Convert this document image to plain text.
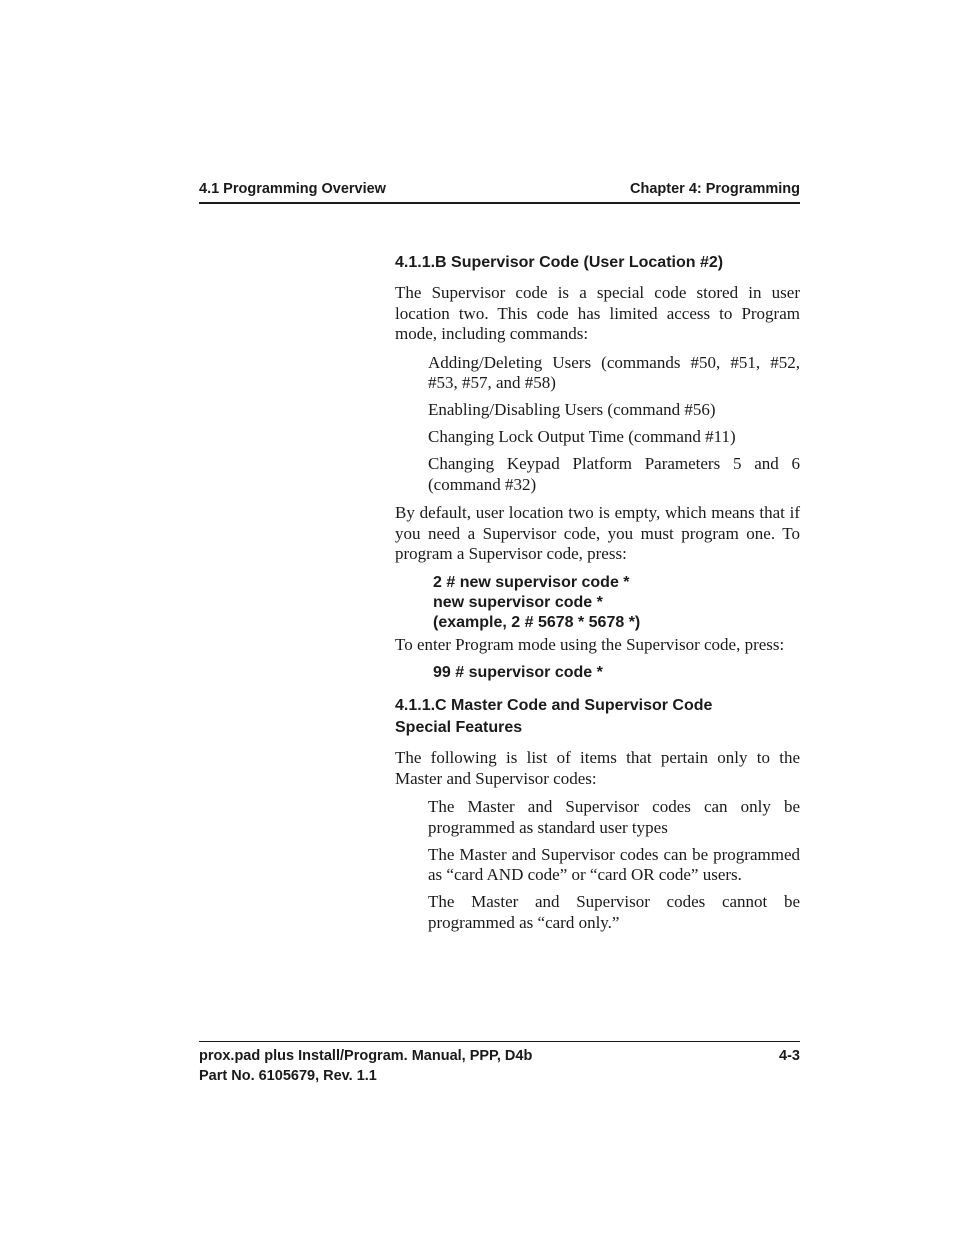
4.1 Programming Overview	Chapter 4: Programming
4.1.1.B Supervisor Code (User Location #2)

The Supervisor code is a special code stored in user location two. This code has limited access to Program mode, including commands:

Adding/Deleting Users (commands #50, #51, #52, #53, #57, and #58)
Enabling/Disabling Users (command #56)
Changing Lock Output Time (command #11)
Changing Keypad Platform Parameters 5 and 6 (command #32)

By default, user location two is empty, which means that if you need a Supervisor code, you must program one. To program a Supervisor code, press:

2 # new supervisor code *
new supervisor code *
(example, 2 # 5678 * 5678 *)

To enter Program mode using the Supervisor code, press:

99 # supervisor code *
4.1.1.C Master Code and Supervisor Code
Special Features

The following is list of items that pertain only to the Master and Supervisor codes:

The Master and Supervisor codes can only be programmed as standard user types
The Master and Supervisor codes can be programmed as “card AND code” or “card OR code” users.
The Master and Supervisor codes cannot be programmed as “card only.”
prox.pad plus Install/Program. Manual, PPP, D4b	4-3
Part No. 6105679, Rev. 1.1
